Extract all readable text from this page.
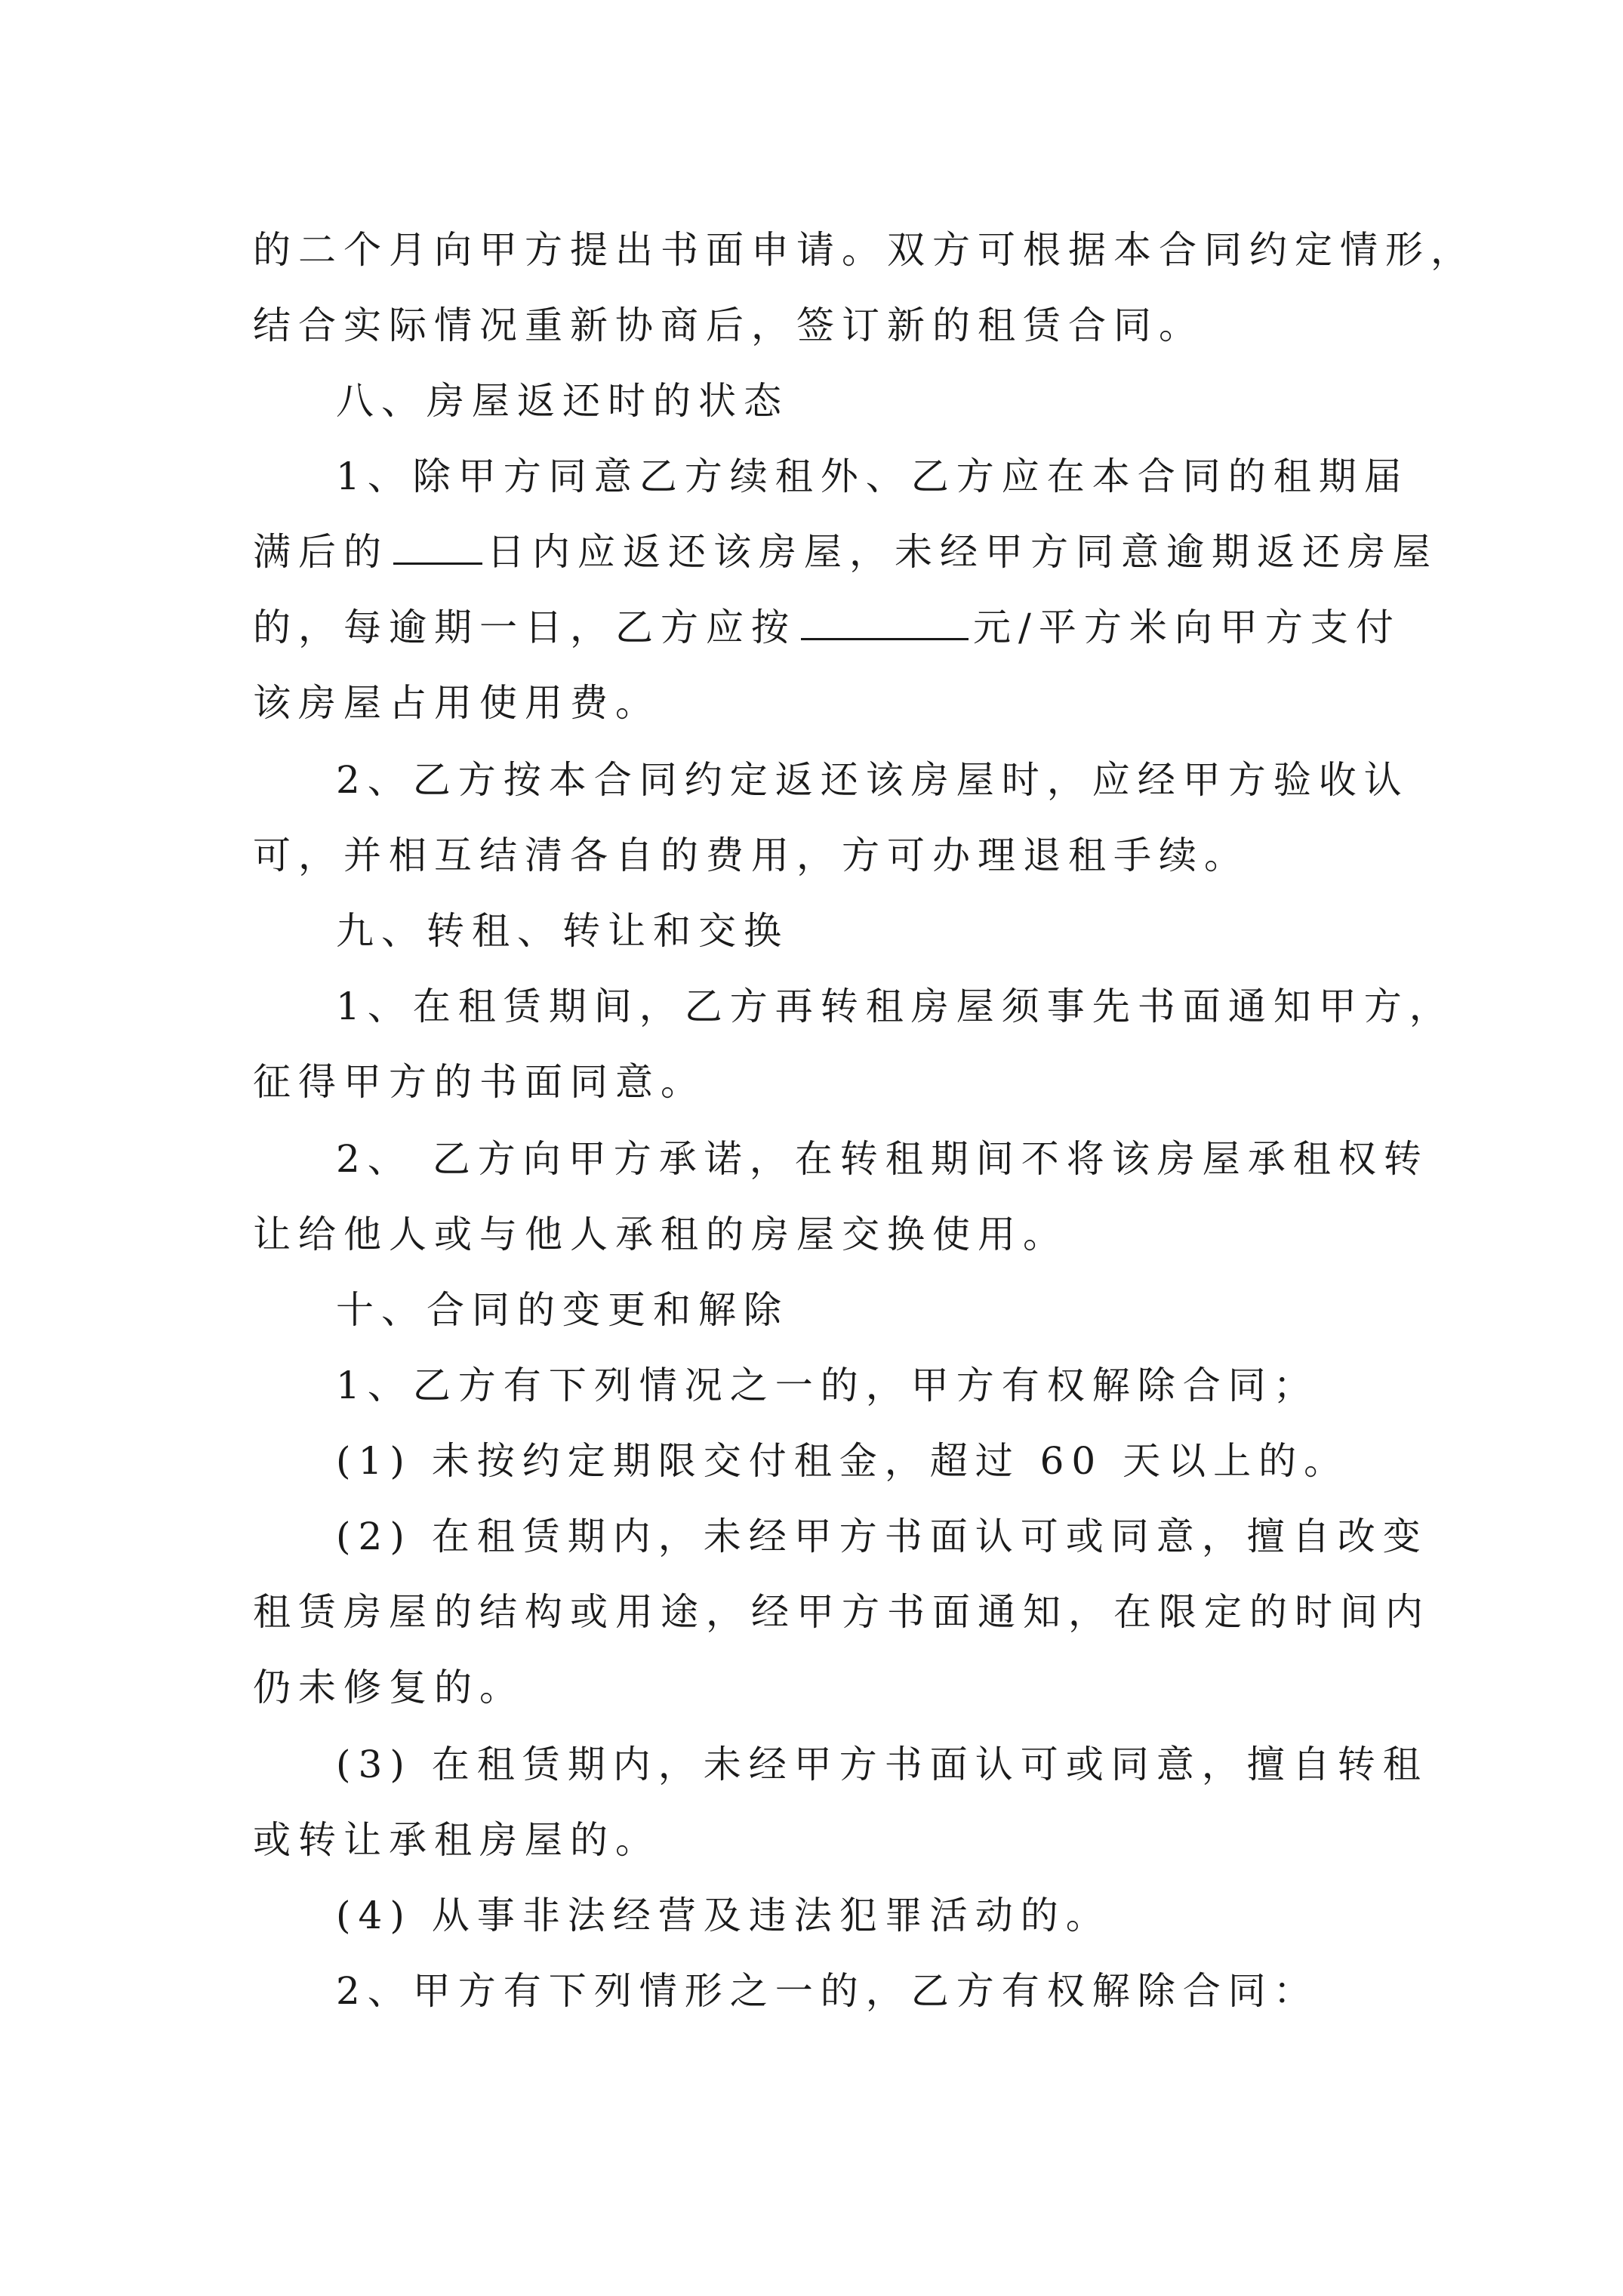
的二个月向甲方提出书面申请。双方可根据本合同约定情形，

结合实际情况重新协商后，签订新的租赁合同。

八、房屋返还时的状态

1、除甲方同意乙方续租外、乙方应在本合同的租期届

满后的	日内应返还该房屋，未经甲方同意逾期返还房屋

的，每逾期一日，乙方应按	元/平方米向甲方支付

该房屋占用使用费。

2、乙方按本合同约定返还该房屋时，应经甲方验收认

可，并相互结清各自的费用，方可办理退租手续。

九、转租、转让和交换

1、在租赁期间，乙方再转租房屋须事先书面通知甲方，

征得甲方的书面同意。

2、 乙方向甲方承诺，在转租期间不将该房屋承租权转

让给他人或与他人承租的房屋交换使用。

十、合同的变更和解除

1、乙方有下列情况之一的，甲方有权解除合同；

(1) 未按约定期限交付租金，超过 60 天以上的。

(2) 在租赁期内，未经甲方书面认可或同意，擅自改变

租赁房屋的结构或用途，经甲方书面通知，在限定的时间内

仍未修复的。

(3) 在租赁期内，未经甲方书面认可或同意，擅自转租

或转让承租房屋的。

(4) 从事非法经营及违法犯罪活动的。

2、甲方有下列情形之一的，乙方有权解除合同：
